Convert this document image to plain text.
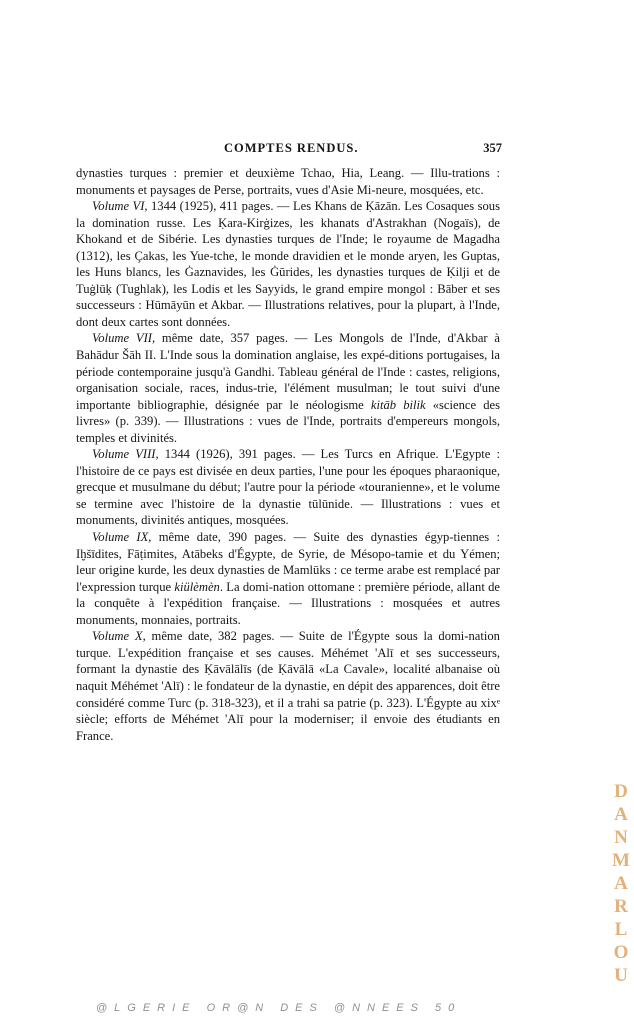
COMPTES RENDUS.	357

dynasties turques : premier et deuxième Tchao, Hia, Leang. — Illu-trations : monuments et paysages de Perse, portraits, vues d'Asie Mi-neure, mosquées, etc.

Volume VI, 1344 (1925), 411 pages. — Les Khans de Ḳāzān. Les Cosaques sous la domination russe. Les Ḳara-Kirġizes, les khanats d'Astrakhan (Nogaïs), de Khokand et de Sibérie. Les dynasties turques de l'Inde; le royaume de Magadha (1312), les Çakas, les Yue-tche, le monde dravidien et le monde aryen, les Guptas, les Huns blancs, les Ġaznavides, les Ġūrides, les dynasties turques de Ḳilji et de Tuġlūḳ (Tughlak), les Lodis et les Sayyids, le grand empire mongol : Bāber et ses successeurs : Hūmāyūn et Akbar. — Illustrations relatives, pour la plupart, à l'Inde, dont deux cartes sont données.

Volume VII, même date, 357 pages. — Les Mongols de l'Inde, d'Akbar à Bahādur Šāh II. L'Inde sous la domination anglaise, les expé-ditions portugaises, la période contemporaine jusqu'à Gandhi. Tableau général de l'Inde : castes, religions, organisation sociale, races, indus-trie, l'élément musulman; le tout suivi d'une importante bibliographie, désignée par le néologisme kitāb bilik «science des livres» (p. 339). — Illustrations : vues de l'Inde, portraits d'empereurs mongols, temples et divinités.

Volume VIII, 1344 (1926), 391 pages. — Les Turcs en Afrique. L'Egypte : l'histoire de ce pays est divisée en deux parties, l'une pour les époques pharaonique, grecque et musulmane du début; l'autre pour la période «touranienne», et le volume se termine avec l'histoire de la dynastie tūlūnide. — Illustrations : vues et monuments, divinités antiques, mosquées.

Volume IX, même date, 390 pages. — Suite des dynasties égyp-tiennes : Iḫšīdites, Fāṭimites, Atābeks d'Égypte, de Syrie, de Mésopo-tamie et du Yémen; leur origine kurde, les deux dynasties de Mamlūks : ce terme arabe est remplacé par l'expression turque kiülèmèn. La domi-nation ottomane : première période, allant de la conquête à l'expédition française. — Illustrations : mosquées et autres monuments, monnaies, portraits.

Volume X, même date, 382 pages. — Suite de l'Égypte sous la domi-nation turque. L'expédition française et ses causes. Méhémet 'Alī et ses successeurs, formant la dynastie des Ḳāvālālīs (de Ḳāvālā «La Cavale», localité albanaise où naquit Méhémet 'Alī) : le fondateur de la dynastie, en dépit des apparences, doit être considéré comme Turc (p. 318-323), et il a trahi sa patrie (p. 323). L'Égypte au xixᵉ siècle; efforts de Méhémet 'Alī pour la moderniser; il envoie des étudiants en France.

D
A
N
M
A
R
L
O
U
@LGERIE OR@N DES @NNEES 50
